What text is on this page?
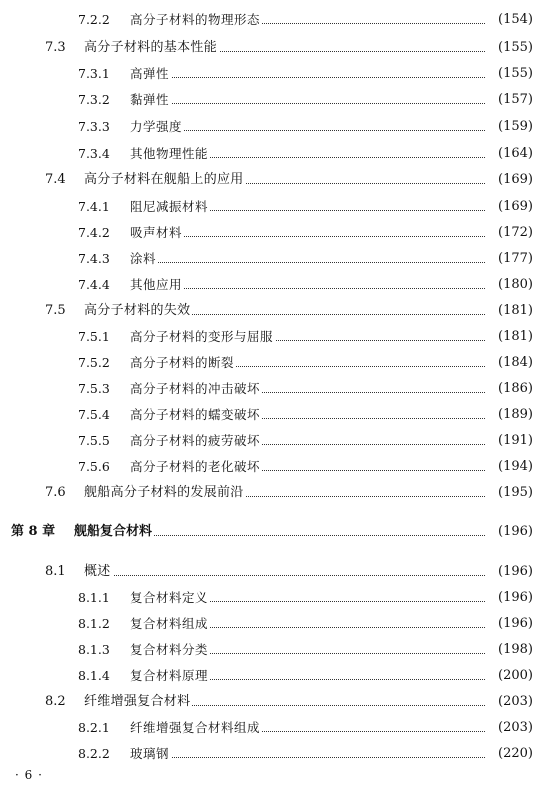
7.2.2 高分子材料的物理形态	(154)
7.3 高分子材料的基本性能	(155)
7.3.1 高弹性	(155)
7.3.2 黏弹性	(157)
7.3.3 力学强度	(159)
7.3.4 其他物理性能	(164)
7.4 高分子材料在舰船上的应用	(169)
7.4.1 阻尼减振材料	(169)
7.4.2 吸声材料	(172)
7.4.3 涂料	(177)
7.4.4 其他应用	(180)
7.5 高分子材料的失效	(181)
7.5.1 高分子材料的变形与屈服	(181)
7.5.2 高分子材料的断裂	(184)
7.5.3 高分子材料的冲击破坏	(186)
7.5.4 高分子材料的蠕变破坏	(189)
7.5.5 高分子材料的疲劳破坏	(191)
7.5.6 高分子材料的老化破坏	(194)
7.6 舰船高分子材料的发展前沿	(195)
第 8 章 舰船复合材料	(196)
8.1 概述	(196)
8.1.1 复合材料定义	(196)
8.1.2 复合材料组成	(196)
8.1.3 复合材料分类	(198)
8.1.4 复合材料原理	(200)
8.2 纤维增强复合材料	(203)
8.2.1 纤维增强复合材料组成	(203)
8.2.2 玻璃钢	(220)
· 6 ·
